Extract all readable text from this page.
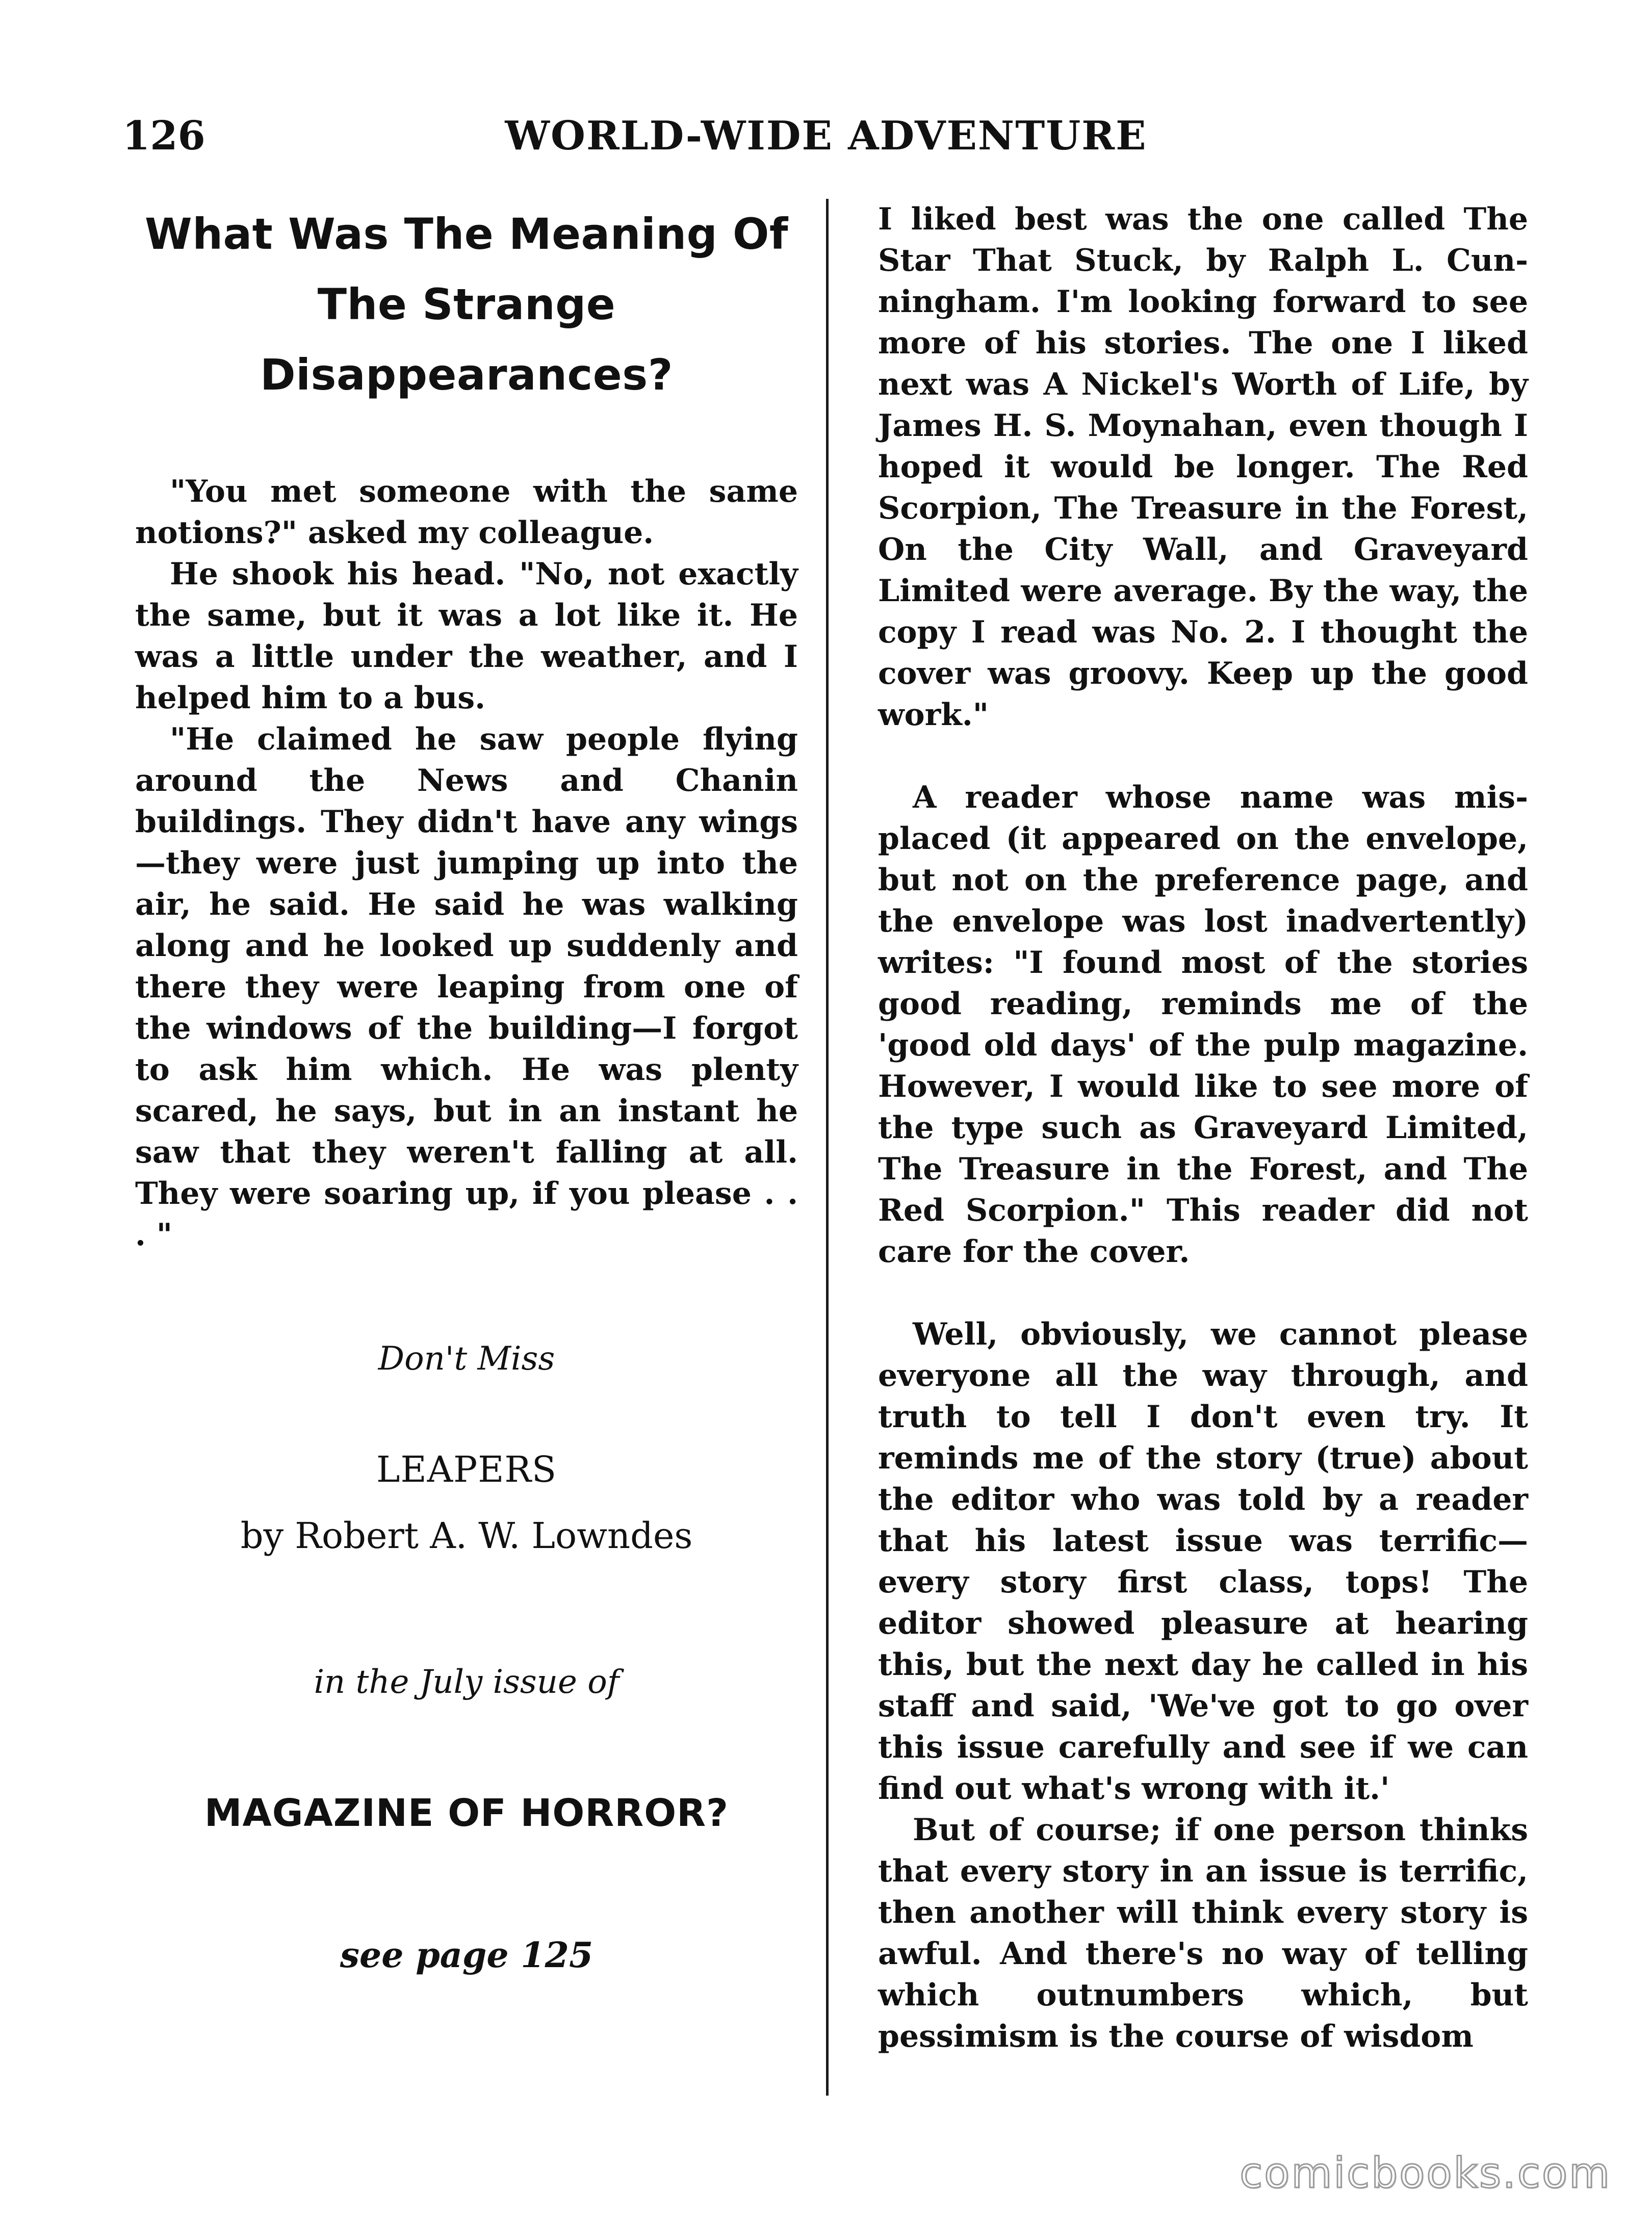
126	WORLD-WIDE ADVENTURE
What Was The Meaning Of The Strange Disappearances?

"You met someone with the same notions?" asked my colleague.

He shook his head. "No, not exactly the same, but it was a lot like it. He was a little under the weather, and I helped him to a bus.

"He claimed he saw people flying around the News and Chanin buildings. They didn't have any wings—they were just jumping up into the air, he said. He said he was walking along and he looked up suddenly and there they were leaping from one of the windows of the building—I forgot to ask him which. He was plenty scared, he says, but in an instant he saw that they weren't falling at all. They were soaring up, if you please . . . "

Don't Miss
LEAPERS
by Robert A. W. Lowndes
in the July issue of
MAGAZINE OF HORROR?
see page 125

I liked best was the one called The Star That Stuck, by Ralph L. Cunningham. I'm looking forward to see more of his stories. The one I liked next was A Nickel's Worth of Life, by James H. S. Moynahan, even though I hoped it would be longer. The Red Scorpion, The Treasure in the Forest, On the City Wall, and Graveyard Limited were average. By the way, the copy I read was No. 2. I thought the cover was groovy. Keep up the good work."

A reader whose name was misplaced (it appeared on the envelope, but not on the preference page, and the envelope was lost inadvertently) writes: "I found most of the stories good reading, reminds me of the 'good old days' of the pulp magazine. However, I would like to see more of the type such as Graveyard Limited, The Treasure in the Forest, and The Red Scorpion." This reader did not care for the cover.

Well, obviously, we cannot please everyone all the way through, and truth to tell I don't even try. It reminds me of the story (true) about the editor who was told by a reader that his latest issue was terrific—every story first class, tops! The editor showed pleasure at hearing this, but the next day he called in his staff and said, 'We've got to go over this issue carefully and see if we can find out what's wrong with it.'

But of course; if one person thinks that every story in an issue is terrific, then another will think every story is awful. And there's no way of telling which outnumbers which, but pessimism is the course of wisdom

comicbooks.com
